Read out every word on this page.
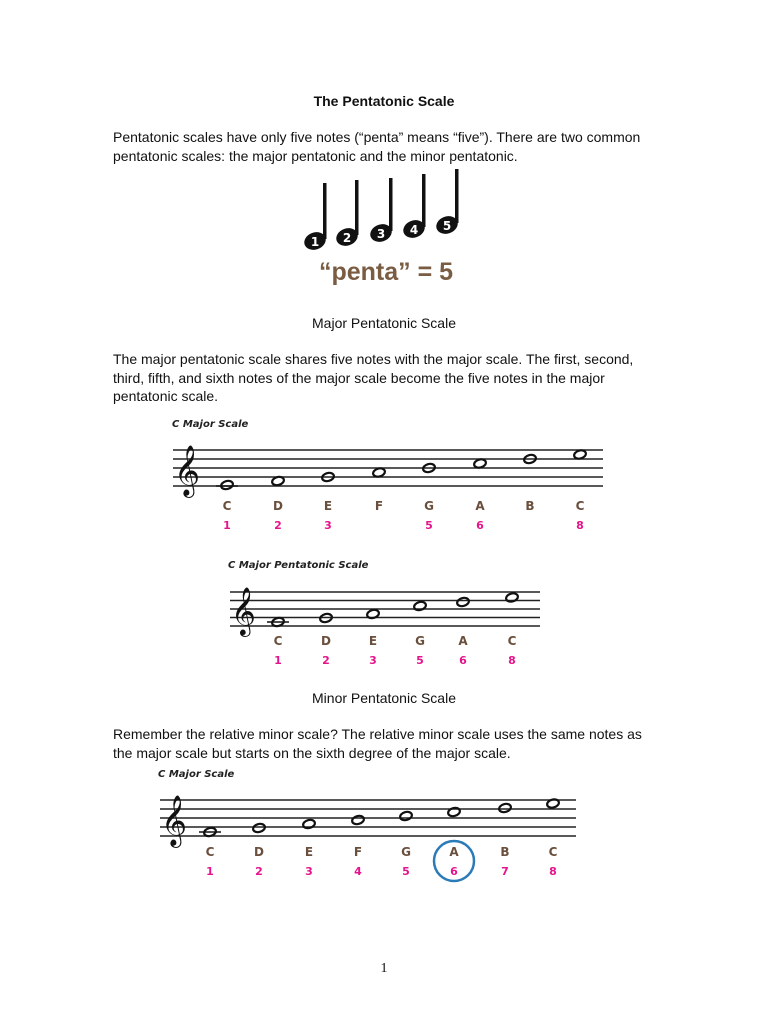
The Pentatonic Scale
Pentatonic scales have only five notes (“penta” means “five”). There are two common pentatonic scales: the major pentatonic and the minor pentatonic.
1 2 3 4 5
“penta” = 5
Major Pentatonic Scale
The major pentatonic scale shares five notes with the major scale. The first, second, third, fifth, and sixth notes of the major scale become the five notes in the major pentatonic scale.
C Major Scale
𝄞
C
1
D
2
E
3
F	G
5
A
6
B	C
8
C Major Pentatonic Scale
𝄞
C
1
D
2
E
3
G
5
A
6
C
8
Minor Pentatonic Scale
Remember the relative minor scale? The relative minor scale uses the same notes as the major scale but starts on the sixth degree of the major scale.
C Major Scale
𝄞
C
1
D
2
E
3
F
4
G
5
A
6
B
7
C
8
1
